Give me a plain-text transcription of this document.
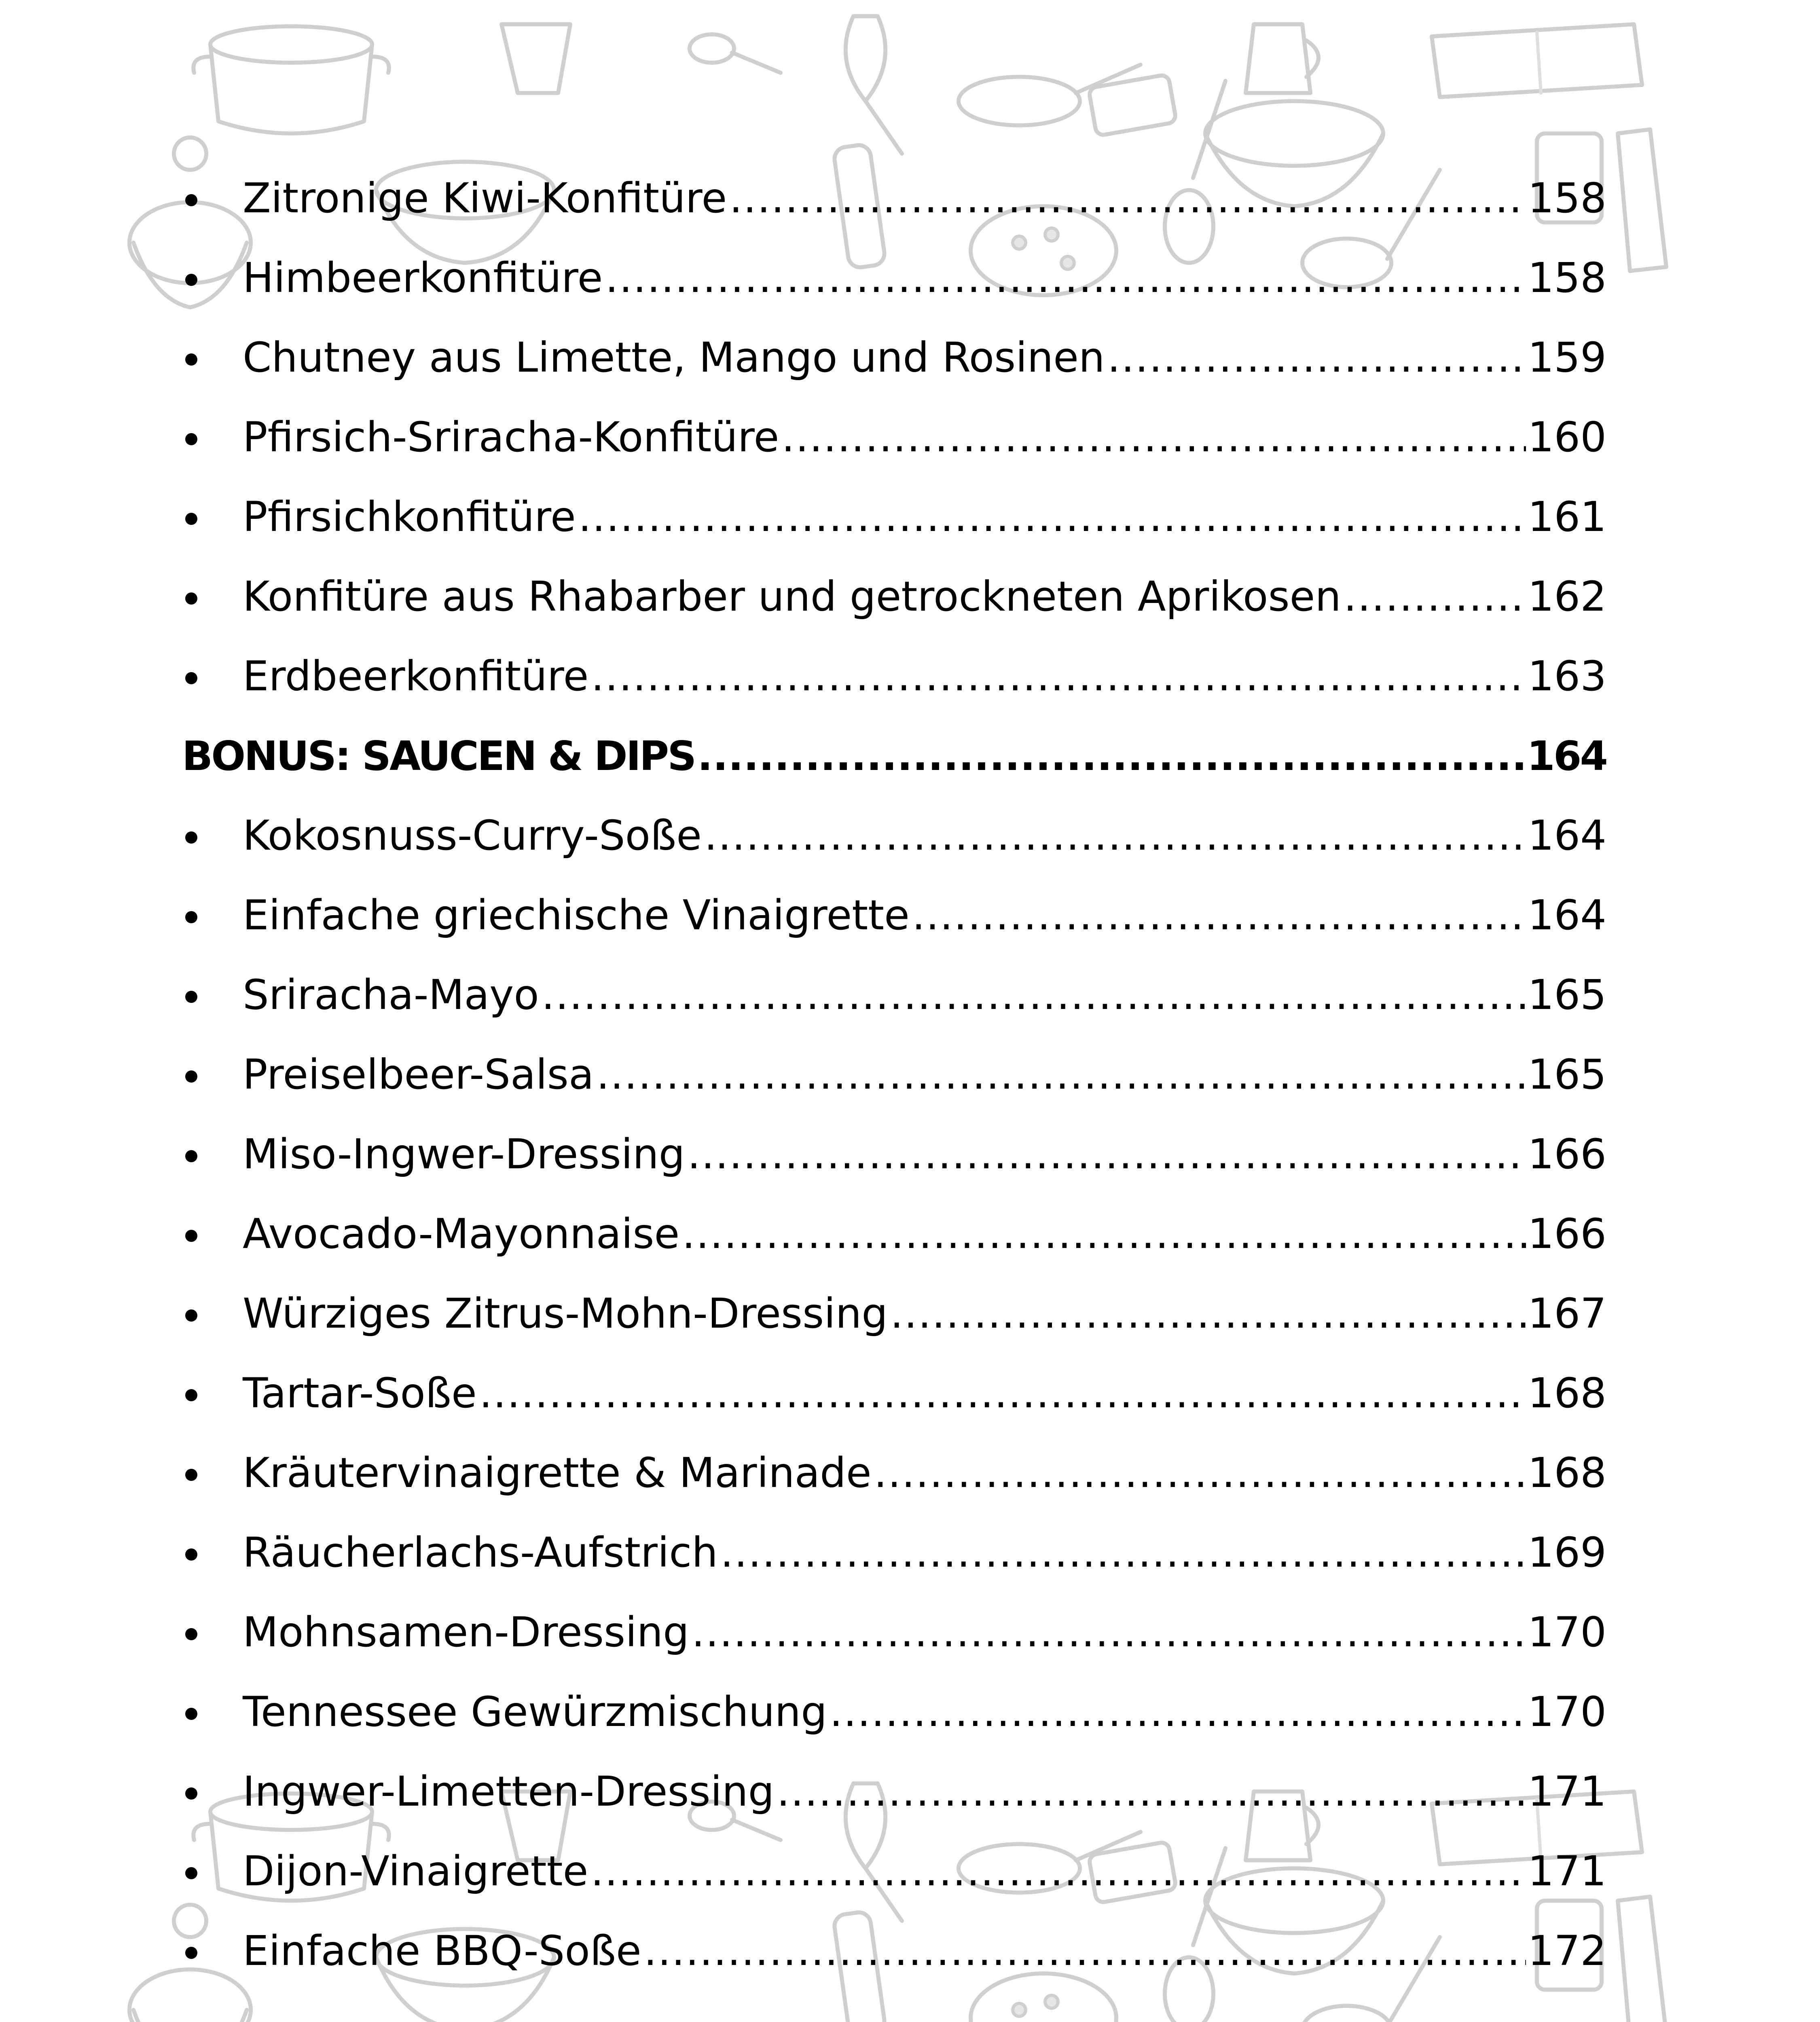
Zitronige Kiwi-Konfitüre .....	158
Himbeerkonfitüre .....	158
Chutney aus Limette, Mango und Rosinen .....	159
Pfirsich-Sriracha-Konfitüre .....	160
Pfirsichkonfitüre .....	161
Konfitüre aus Rhabarber und getrockneten Aprikosen .....	162
Erdbeerkonfitüre .....	163
BONUS: SAUCEN & DIPS .....	164
Kokosnuss-Curry-Soße .....	164
Einfache griechische Vinaigrette .....	164
Sriracha-Mayo .....	165
Preiselbeer-Salsa .....	165
Miso-Ingwer-Dressing .....	166
Avocado-Mayonnaise .....	166
Würziges Zitrus-Mohn-Dressing .....	167
Tartar-Soße .....	168
Kräutervinaigrette & Marinade .....	168
Räucherlachs-Aufstrich .....	169
Mohnsamen-Dressing .....	170
Tennessee Gewürzmischung .....	170
Ingwer-Limetten-Dressing .....	171
Dijon-Vinaigrette .....	171
Einfache BBQ-Soße .....	172
